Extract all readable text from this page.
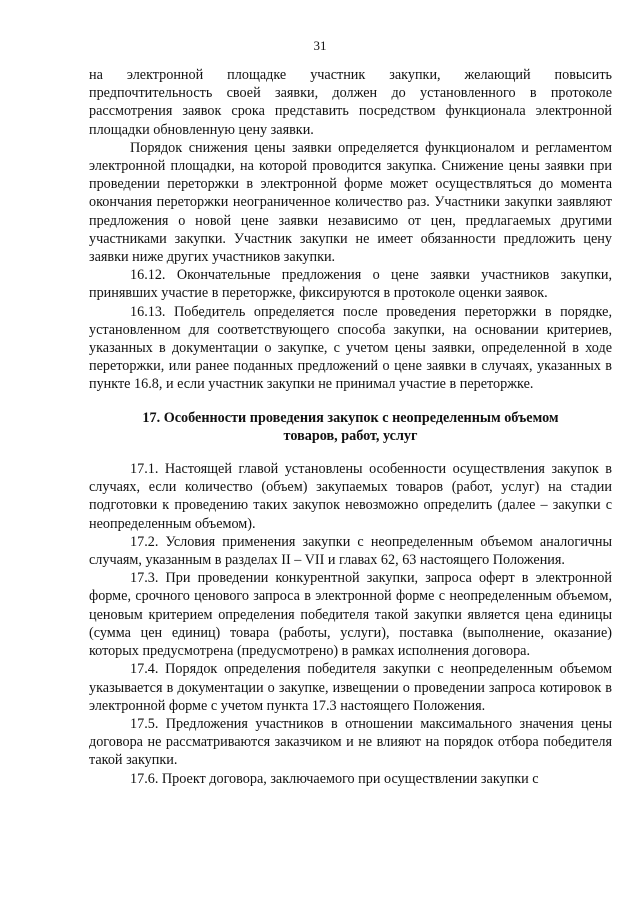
31

на электронной площадке участник закупки, желающий повысить предпочтительность своей заявки, должен до установленного в протоколе рассмотрения заявок срока представить посредством функционала электронной площадки обновленную цену заявки.

Порядок снижения цены заявки определяется функционалом и регламентом электронной площадки, на которой проводится закупка. Снижение цены заявки при проведении переторжки в электронной форме может осуществляться до момента окончания переторжки неограниченное количество раз. Участники закупки заявляют предложения о новой цене заявки независимо от цен, предлагаемых другими участниками закупки. Участник закупки не имеет обязанности предложить цену заявки ниже других участников закупки.

16.12. Окончательные предложения о цене заявки участников закупки, принявших участие в переторжке, фиксируются в протоколе оценки заявок.

16.13. Победитель определяется после проведения переторжки в порядке, установленном для соответствующего способа закупки, на основании критериев, указанных в документации о закупке, с учетом цены заявки, определенной в ходе переторжки, или ранее поданных предложений о цене заявки в случаях, указанных в пункте 16.8, и если участник закупки не принимал участие в переторжке.

17. Особенности проведения закупок с неопределенным объемом
товаров, работ, услуг

17.1. Настоящей главой установлены особенности осуществления закупок в случаях, если количество (объем) закупаемых товаров (работ, услуг) на стадии подготовки к проведению таких закупок невозможно определить (далее – закупки с неопределенным объемом).

17.2. Условия применения закупки с неопределенным объемом аналогичны случаям, указанным в разделах II – VII и главах 62, 63 настоящего Положения.

17.3. При проведении конкурентной закупки, запроса оферт в электронной форме, срочного ценового запроса в электронной форме с неопределенным объемом, ценовым критерием определения победителя такой закупки является цена единицы (сумма цен единиц) товара (работы, услуги), поставка (выполнение, оказание) которых предусмотрена (предусмотрено) в рамках исполнения договора.

17.4. Порядок определения победителя закупки с неопределенным объемом указывается в документации о закупке, извещении о проведении запроса котировок в электронной форме с учетом пункта 17.3 настоящего Положения.

17.5. Предложения участников в отношении максимального значения цены договора не рассматриваются заказчиком и не влияют на порядок отбора победителя такой закупки.

17.6. Проект договора, заключаемого при осуществлении закупки с
